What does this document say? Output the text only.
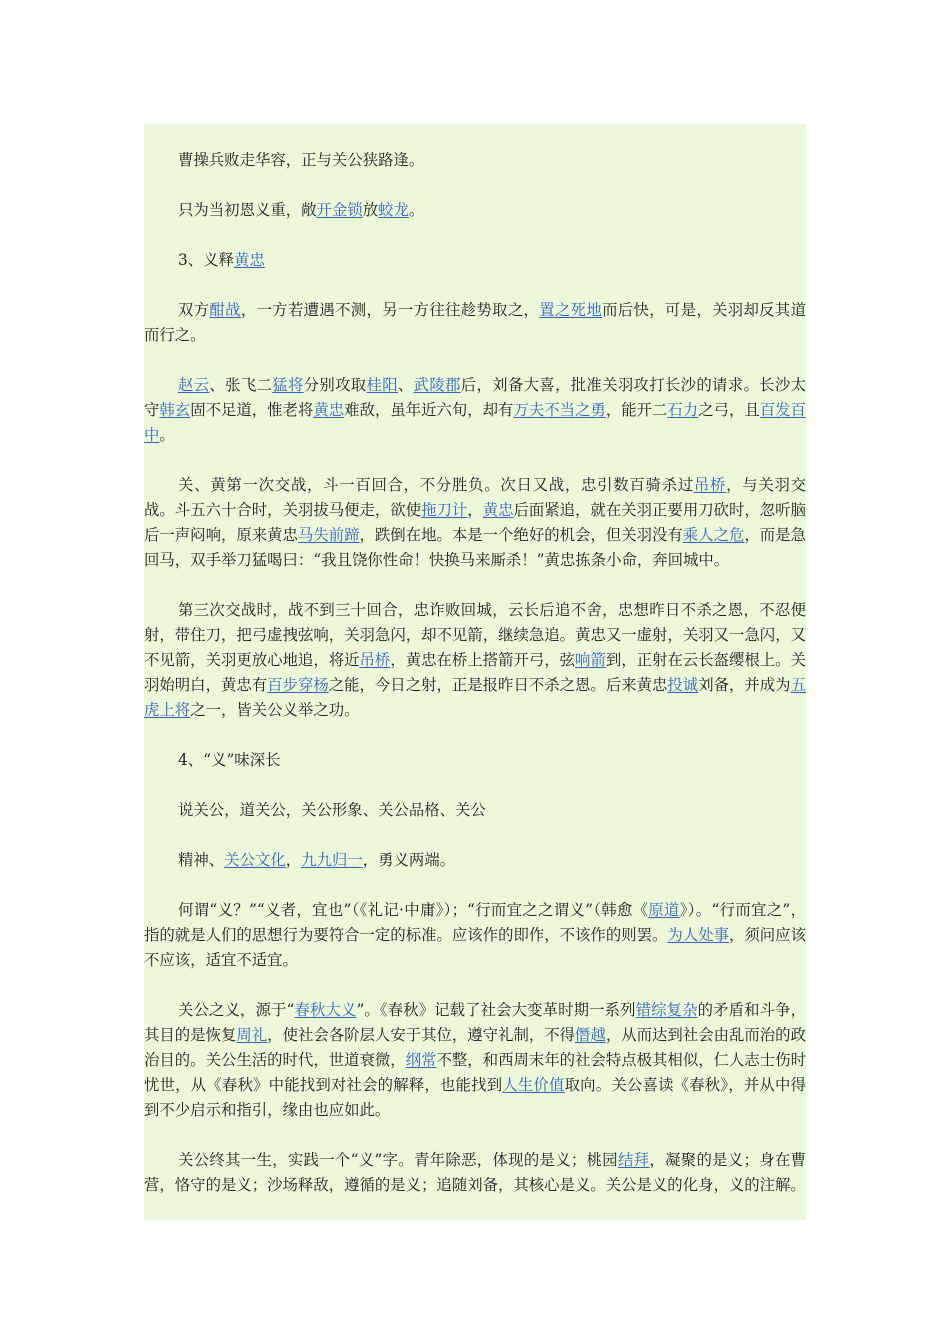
曹操兵败走华容，正与关公狭路逢。

只为当初恩义重，敞开金锁放蛟龙。

3、义释黄忠

双方酣战，一方若遭遇不测，另一方往往趁势取之，置之死地而后快，可是，关羽却反其道而行之。

赵云、张飞二猛将分别攻取桂阳、武陵郡后，刘备大喜，批准关羽攻打长沙的请求。长沙太守韩玄固不足道，惟老将黄忠难敌，虽年近六旬，却有万夫不当之勇，能开二石力之弓，且百发百中。

关、黄第一次交战，斗一百回合，不分胜负。次日又战，忠引数百骑杀过吊桥，与关羽交战。斗五六十合时，关羽拔马便走，欲使拖刀计，黄忠后面紧追，就在关羽正要用刀砍时，忽听脑后一声闷响，原来黄忠马失前蹄，跌倒在地。本是一个绝好的机会，但关羽没有乘人之危，而是急回马，双手举刀猛喝曰：“我且饶你性命！快换马来厮杀！”黄忠拣条小命，奔回城中。

第三次交战时，战不到三十回合，忠诈败回城，云长后追不舍，忠想昨日不杀之恩，不忍便射，带住刀，把弓虚拽弦响，关羽急闪，却不见箭，继续急追。黄忠又一虚射，关羽又一急闪，又不见箭，关羽更放心地追，将近吊桥，黄忠在桥上搭箭开弓，弦响箭到，正射在云长盔缨根上。关羽始明白，黄忠有百步穿杨之能，今日之射，正是报昨日不杀之恩。后来黄忠投诚刘备，并成为五虎上将之一，皆关公义举之功。

4、“义”味深长

说关公，道关公，关公形象、关公品格、关公

精神、关公文化，九九归一，勇义两端。

何谓“义？”“义者，宜也”（《礼记·中庸》）；“行而宜之之谓义”（韩愈《原道》）。“行而宜之”，指的就是人们的思想行为要符合一定的标准。应该作的即作，不该作的则罢。为人处事，须问应该不应该，适宜不适宜。

关公之义，源于“春秋大义”。《春秋》记载了社会大变革时期一系列错综复杂的矛盾和斗争，其目的是恢复周礼，使社会各阶层人安于其位，遵守礼制，不得僭越，从而达到社会由乱而治的政治目的。关公生活的时代，世道衰微，纲常不整，和西周末年的社会特点极其相似，仁人志士伤时忧世，从《春秋》中能找到对社会的解释，也能找到人生价值取向。关公喜读《春秋》，并从中得到不少启示和指引，缘由也应如此。

关公终其一生，实践一个“义”字。青年除恶，体现的是义；桃园结拜，凝聚的是义；身在曹营，恪守的是义；沙场释敌，遵循的是义；追随刘备，其核心是义。关公是义的化身，义的注解。
